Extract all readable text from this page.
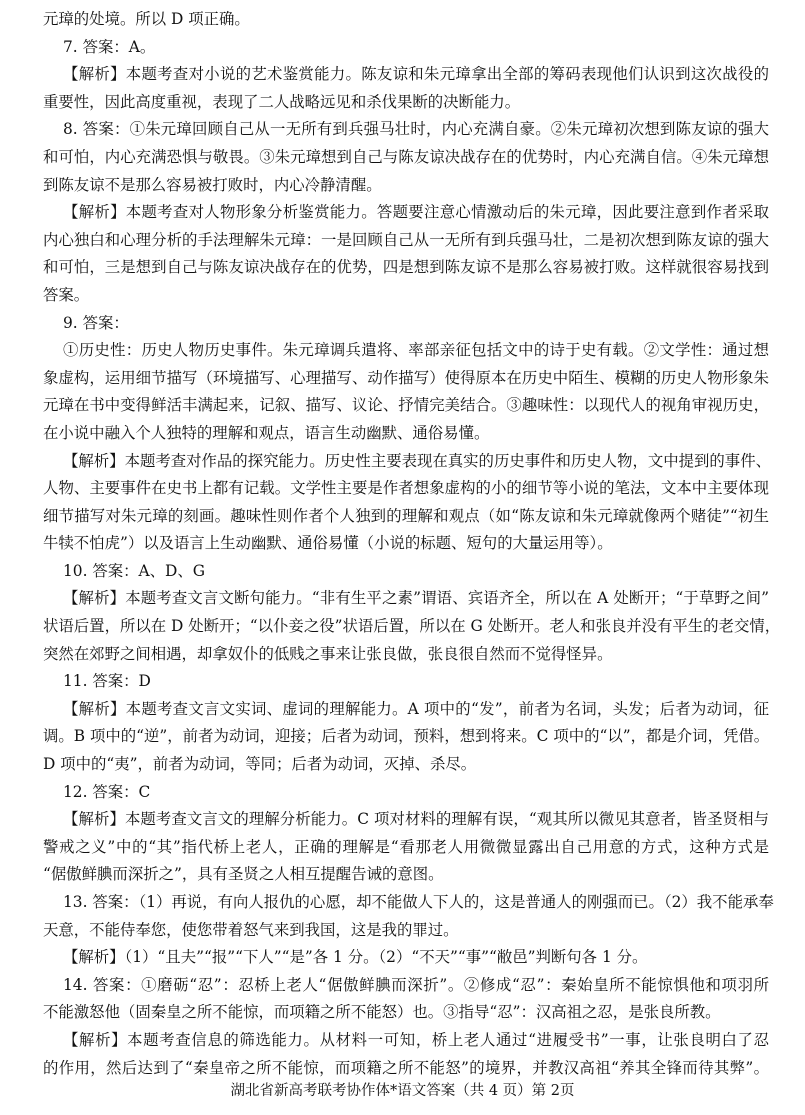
元璋的处境。所以 D 项正确。
7. 答案：A。
【解析】本题考查对小说的艺术鉴赏能力。陈友谅和朱元璋拿出全部的筹码表现他们认识到这次战役的
重要性，因此高度重视，表现了二人战略远见和杀伐果断的决断能力。
8. 答案：①朱元璋回顾自己从一无所有到兵强马壮时，内心充满自豪。②朱元璋初次想到陈友谅的强大
和可怕，内心充满恐惧与敬畏。③朱元璋想到自己与陈友谅决战存在的优势时，内心充满自信。④朱元璋想
到陈友谅不是那么容易被打败时，内心冷静清醒。
【解析】本题考查对人物形象分析鉴赏能力。答题要注意心情激动后的朱元璋，因此要注意到作者采取
内心独白和心理分析的手法理解朱元璋：一是回顾自己从一无所有到兵强马壮，二是初次想到陈友谅的强大
和可怕，三是想到自己与陈友谅决战存在的优势，四是想到陈友谅不是那么容易被打败。这样就很容易找到
答案。
9. 答案：
①历史性：历史人物历史事件。朱元璋调兵遣将、率部亲征包括文中的诗于史有载。②文学性：通过想
象虚构，运用细节描写（环境描写、心理描写、动作描写）使得原本在历史中陌生、模糊的历史人物形象朱
元璋在书中变得鲜活丰满起来，记叙、描写、议论、抒情完美结合。③趣味性：以现代人的视角审视历史，
在小说中融入个人独特的理解和观点，语言生动幽默、通俗易懂。
【解析】本题考查对作品的探究能力。历史性主要表现在真实的历史事件和历史人物，文中提到的事件、
人物、主要事件在史书上都有记载。文学性主要是作者想象虚构的小的细节等小说的笔法，文本中主要体现
细节描写对朱元璋的刻画。趣味性则作者个人独到的理解和观点（如“陈友谅和朱元璋就像两个赌徒”“初生
牛犊不怕虎”）以及语言上生动幽默、通俗易懂（小说的标题、短句的大量运用等）。
10. 答案：A、D、G
【解析】本题考查文言文断句能力。“非有生平之素”谓语、宾语齐全，所以在 A 处断开；“于草野之间”
状语后置，所以在 D 处断开；“以仆妾之役”状语后置，所以在 G 处断开。老人和张良并没有平生的老交情，
突然在郊野之间相遇，却拿奴仆的低贱之事来让张良做，张良很自然而不觉得怪异。
11. 答案：D
【解析】本题考查文言文实词、虚词的理解能力。A 项中的“发”，前者为名词，头发；后者为动词，征
调。B 项中的“逆”，前者为动词，迎接；后者为动词，预料，想到将来。C 项中的“以”，都是介词，凭借。
D 项中的“夷”，前者为动词，等同；后者为动词，灭掉、杀尽。
12. 答案：C
【解析】本题考查文言文的理解分析能力。C 项对材料的理解有误，“观其所以微见其意者，皆圣贤相与
警戒之义”中的“其”指代桥上老人，正确的理解是“看那老人用微微显露出自己用意的方式，这种方式是
“倨傲鲜腆而深折之”，具有圣贤之人相互提醒告诫的意图。
13. 答案：（1）再说，有向人报仇的心愿，却不能做人下人的，这是普通人的刚强而已。（2）我不能承奉
天意，不能侍奉您，使您带着怒气来到我国，这是我的罪过。
【解析】（1）“且夫”“报”“下人”“是”各 1 分。（2）“不天”“事”“敝邑”判断句各 1 分。
14. 答案：①磨砺“忍”：忍桥上老人“倨傲鲜腆而深折”。②修成“忍”：秦始皇所不能惊惧他和项羽所
不能激怒他（固秦皇之所不能惊，而项籍之所不能怒）也。③指导“忍”：汉高祖之忍，是张良所教。
【解析】本题考查信息的筛选能力。从材料一可知，桥上老人通过“进履受书”一事，让张良明白了忍
的作用，然后达到了“秦皇帝之所不能惊，而项籍之所不能怒”的境界，并教汉高祖“养其全锋而待其弊”。
湖北省新高考联考协作体*语文答案（共 4 页）第 2页
